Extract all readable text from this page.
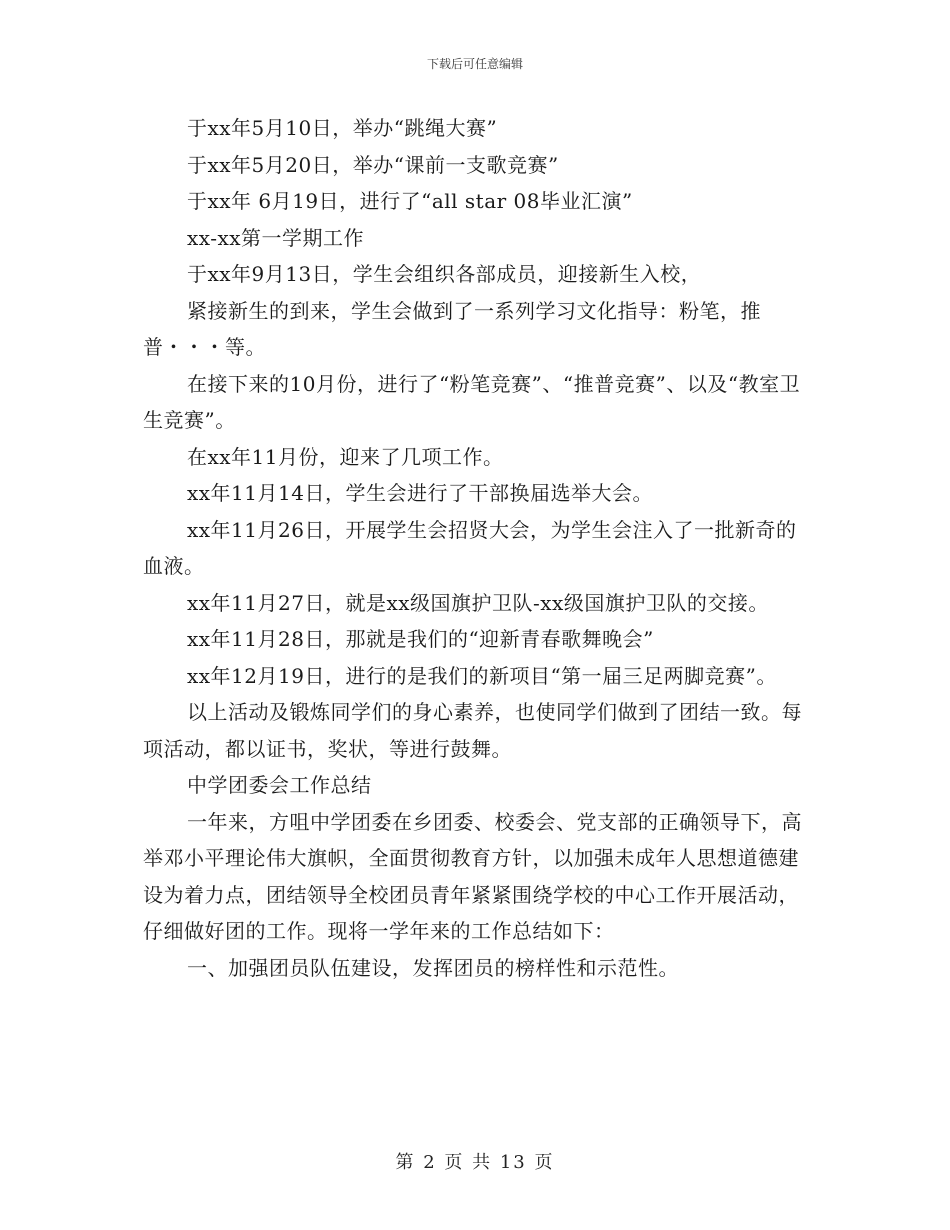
下载后可任意编辑

于xx年5月10日，举办“跳绳大赛”

于xx年5月20日，举办“课前一支歌竞赛”

于xx年 6月19日，进行了“all star 08毕业汇演”

xx-xx第一学期工作

于xx年9月13日，学生会组织各部成员，迎接新生入校，

紧接新生的到来，学生会做到了一系列学习文化指导：粉笔，推普・・・等。

在接下来的10月份，进行了“粉笔竞赛”、“推普竞赛”、以及“教室卫生竞赛”。

在xx年11月份，迎来了几项工作。

xx年11月14日，学生会进行了干部换届选举大会。

xx年11月26日，开展学生会招贤大会，为学生会注入了一批新奇的血液。

xx年11月27日，就是xx级国旗护卫队-xx级国旗护卫队的交接。

xx年11月28日，那就是我们的“迎新青春歌舞晚会”

xx年12月19日，进行的是我们的新项目“第一届三足两脚竞赛”。

以上活动及锻炼同学们的身心素养，也使同学们做到了团结一致。每项活动，都以证书，奖状，等进行鼓舞。

中学团委会工作总结

一年来，方咀中学团委在乡团委、校委会、党支部的正确领导下，高举邓小平理论伟大旗帜，全面贯彻教育方针，以加强未成年人思想道德建设为着力点，团结领导全校团员青年紧紧围绕学校的中心工作开展活动，仔细做好团的工作。现将一学年来的工作总结如下：

一、加强团员队伍建设，发挥团员的榜样性和示范性。

第 2 页 共 13 页
